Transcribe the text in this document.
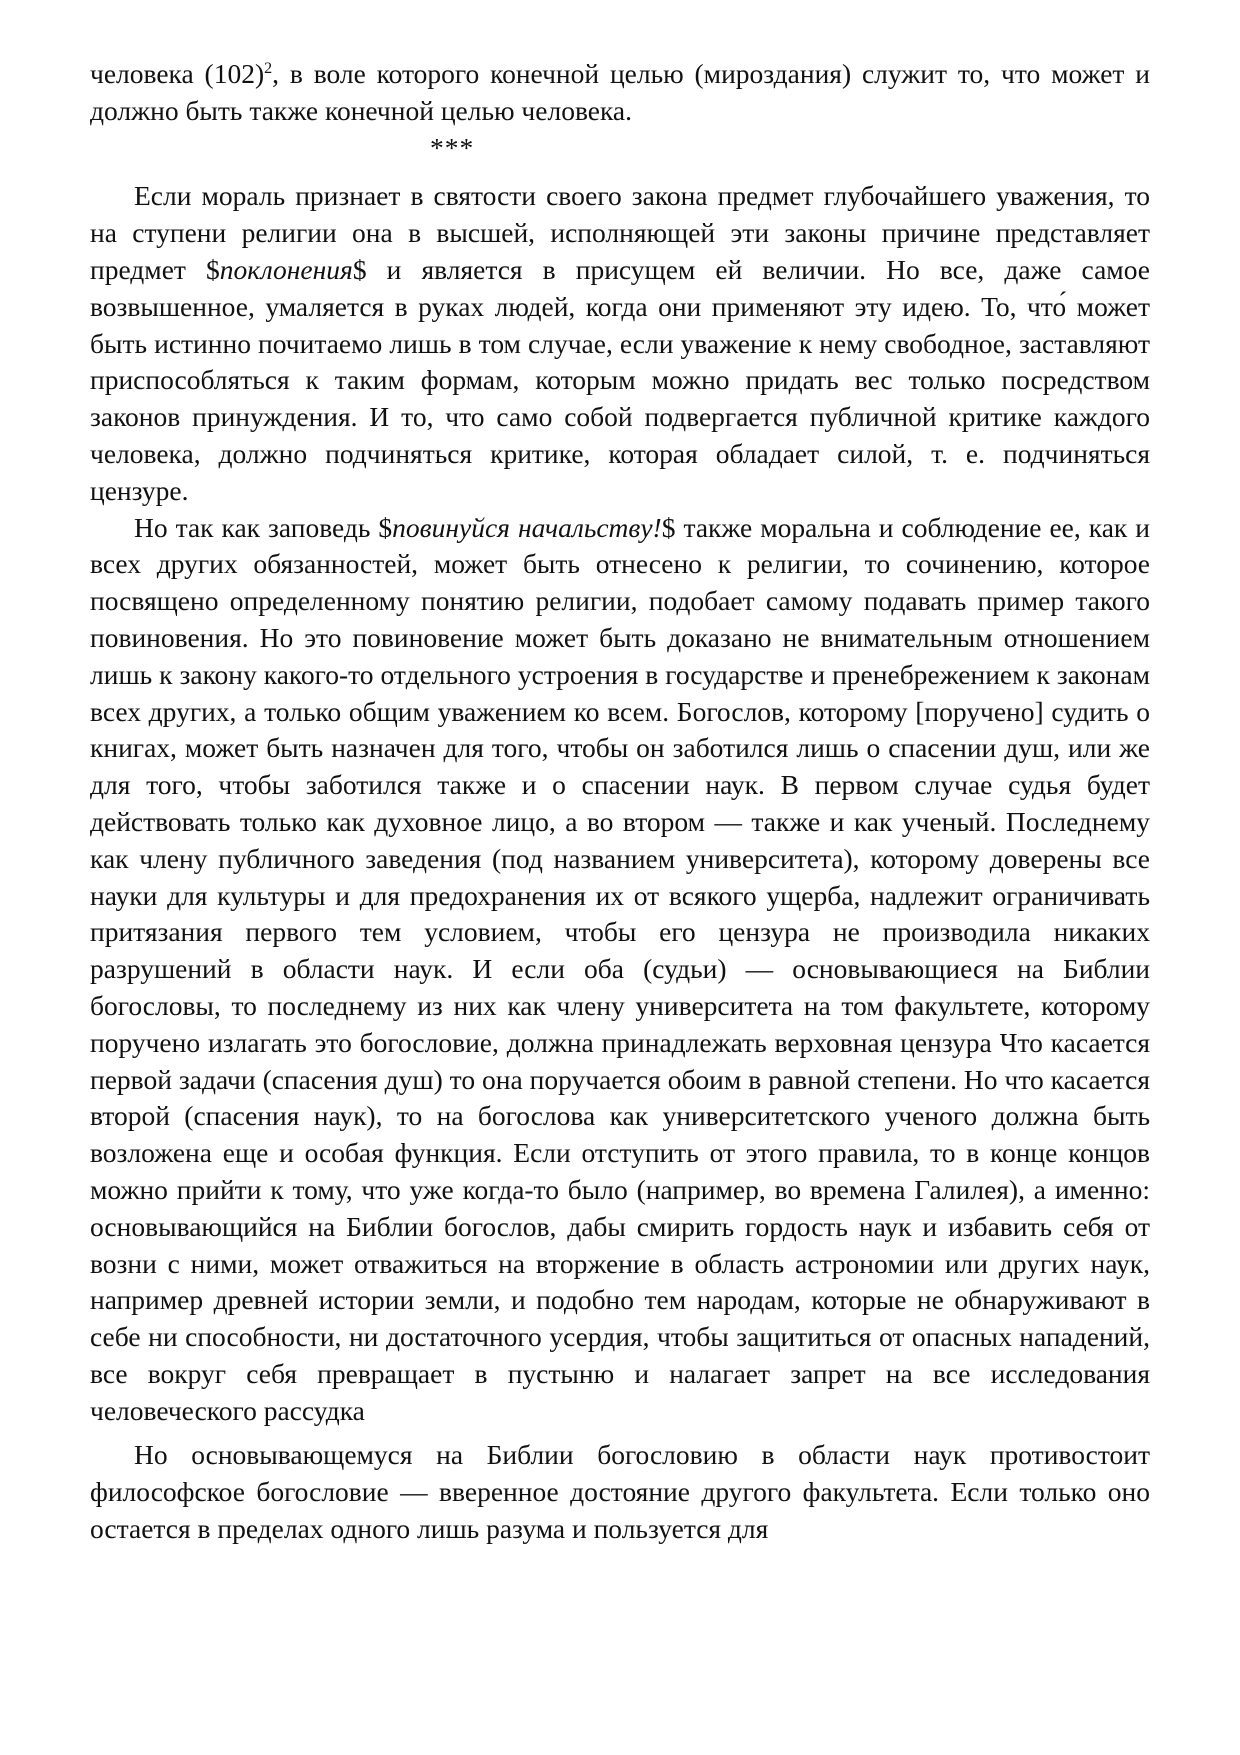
человека $(102)^2$, в воле которого конечной целью (мироздания) служит то, что может и должно быть также конечной целью человека.

***

Если мораль признает в святости своего закона предмет глубочайшего уважения, то на ступени религии она в высшей, исполняющей эти законы причине представляет предмет $поклонения$ и является в присущем ей величии. Но все, даже самое возвышенное, умаляется в руках людей, когда они применяют эту идею. То, что́ может быть истинно почитаемо лишь в том случае, если уважение к нему свободное, заставляют приспособляться к таким формам, которым можно придать вес только посредством законов принуждения. И то, что само собой подвергается публичной критике каждого человека, должно подчиняться критике, которая обладает силой, т. е. подчиняться цензуре.

Но так как заповедь $повинуйся начальству!$ также моральна и соблюдение ее, как и всех других обязанностей, может быть отнесено к религии, то сочинению, которое посвящено определенному понятию религии, подобает самому подавать пример такого повиновения. Но это повиновение может быть доказано не внимательным отношением лишь к закону какого-то отдельного устроения в государстве и пренебрежением к законам всех других, а только общим уважением ко всем. Богослов, которому [поручено] судить о книгах, может быть назначен для того, чтобы он заботился лишь о спасении душ, или же для того, чтобы заботился также и о спасении наук. В первом случае судья будет действовать только как духовное лицо, а во втором — также и как ученый. Последнему как члену публичного заведения (под названием университета), которому доверены все науки для культуры и для предохранения их от всякого ущерба, надлежит ограничивать притязания первого тем условием, чтобы его цензура не производила никаких разрушений в области наук. И если оба (судьи) — основывающиеся на Библии богословы, то последнему из них как члену университета на том факультете, которому поручено излагать это богословие, должна принадлежать верховная цензура Что касается первой задачи (спасения душ) то она поручается обоим в равной степени. Но что касается второй (спасения наук), то на богослова как университетского ученого должна быть возложена еще и особая функция. Если отступить от этого правила, то в конце концов можно прийти к тому, что уже когда-то было (например, во времена Галилея), а именно: основывающийся на Библии богослов, дабы смирить гордость наук и избавить себя от возни с ними, может отважиться на вторжение в область астрономии или других наук, например древней истории земли, и подобно тем народам, которые не обнаруживают в себе ни способности, ни достаточного усердия, чтобы защититься от опасных нападений, все вокруг себя превращает в пустыню и налагает запрет на все исследования человеческого рассудка

Но основывающемуся на Библии богословию в области наук противостоит философское богословие — вверенное достояние другого факультета. Если только оно остается в пределах одного лишь разума и пользуется для
